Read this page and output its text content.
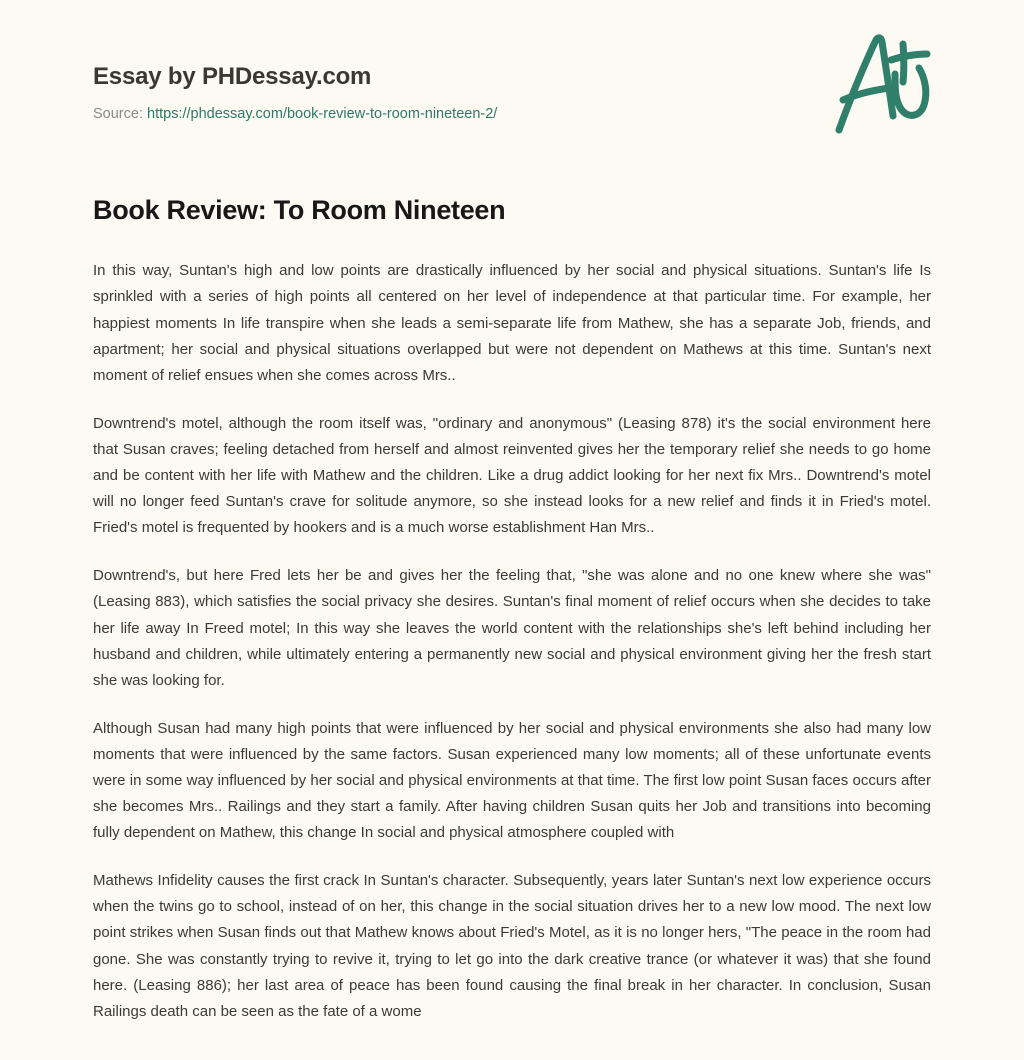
Essay by PHDessay.com
Source: https://phdessay.com/book-review-to-room-nineteen-2/
Book Review: To Room Nineteen

In this way, Suntan's high and low points are drastically influenced by her social and physical situations. Suntan's life Is sprinkled with a series of high points all centered on her level of independence at that particular time. For example, her happiest moments In life transpire when she leads a semi-separate life from Mathew, she has a separate Job, friends, and apartment; her social and physical situations overlapped but were not dependent on Mathews at this time. Suntan's next moment of relief ensues when she comes across Mrs..

Downtrend's motel, although the room itself was, "ordinary and anonymous" (Leasing 878) it's the social environment here that Susan craves; feeling detached from herself and almost reinvented gives her the temporary relief she needs to go home and be content with her life with Mathew and the children. Like a drug addict looking for her next fix Mrs.. Downtrend's motel will no longer feed Suntan's crave for solitude anymore, so she instead looks for a new relief and finds it in Fried's motel. Fried's motel is frequented by hookers and is a much worse establishment Han Mrs..

Downtrend's, but here Fred lets her be and gives her the feeling that, "she was alone and no one knew where she was" (Leasing 883), which satisfies the social privacy she desires. Suntan's final moment of relief occurs when she decides to take her life away In Freed motel; In this way she leaves the world content with the relationships she's left behind including her husband and children, while ultimately entering a permanently new social and physical environment giving her the fresh start she was looking for.

Although Susan had many high points that were influenced by her social and physical environments she also had many low moments that were influenced by the same factors. Susan experienced many low moments; all of these unfortunate events were in some way influenced by her social and physical environments at that time. The first low point Susan faces occurs after she becomes Mrs.. Railings and they start a family. After having children Susan quits her Job and transitions into becoming fully dependent on Mathew, this change In social and physical atmosphere coupled with

Mathews Infidelity causes the first crack In Suntan's character. Subsequently, years later Suntan's next low experience occurs when the twins go to school, instead of on her, this change in the social situation drives her to a new low mood. The next low point strikes when Susan finds out that Mathew knows about Fried's Motel, as it is no longer hers, "The peace in the room had gone. She was constantly trying to revive it, trying to let go into the dark creative trance (or whatever it was) that she found here. (Leasing 886); her last area of peace has been found causing the final break in her character. In conclusion, Susan Railings death can be seen as the fate of a wome
